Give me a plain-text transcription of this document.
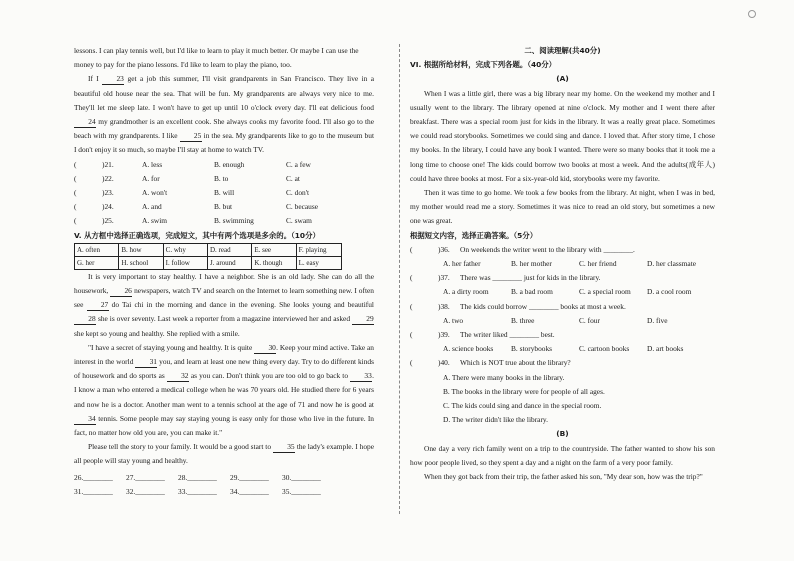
lessons. I can play tennis well, but I'd like to learn to play it much better. Or maybe I can use the

money to pay for the piano lessons. I'd like to learn to play the piano, too.

If I 23 get a job this summer, I'll visit grandparents in San Francisco. They live in a beautiful old house near the sea. That will be fun. My grandparents are always very nice to me. They'll let me sleep late. I won't have to get up until 10 o'clock every day. I'll eat delicious food 24 my grandmother is an excellent cook. She always cooks my favorite food. I'll also go to the beach with my grandparents. I like 25 in the sea. My grandparents like to go to the museum but I don't enjoy it so much, so maybe I'll stay at home to watch TV.

(	)21.	A. less	B. enough	C. a few
(	)22.	A. for	B. to	C. at
(	)23.	A. won't	B. will	C. don't
(	)24.	A. and	B. but	C. because
(	)25.	A. swim	B. swimming	C. swam

V. 从方框中选择正确选项，完成短文，其中有两个选项是多余的。（10分）

A. often	B. how	C. why	D. read	E. see	F. playing
G. her	H. school	I. follow	J. around	K. though	L. easy

It is very important to stay healthy. I have a neighbor. She is an old lady. She can do all the housework, 26 newspapers, watch TV and search on the Internet to learn something new. I often see 27 do Tai chi in the morning and dance in the evening. She looks young and beautiful 28 she is over seventy. Last week a reporter from a magazine interviewed her and asked 29 she kept so young and healthy. She replied with a smile.

"I have a secret of staying young and healthy. It is quite 30. Keep your mind active. Take an interest in the world 31 you, and learn at least one new thing every day. Try to do different kinds of housework and do sports as 32 as you can. Don't think you are too old to go back to 33. I know a man who entered a medical college when he was 70 years old. He studied there for 6 years and now he is a doctor. Another man went to a tennis school at the age of 71 and now he is good at 34 tennis. Some people may say staying young is easy only for those who live in the future. In fact, no matter how old you are, you can make it."

Please tell the story to your family. It would be a good start to 35 the lady's example. I hope all people will stay young and healthy.

26.________	27.________	28.________	29.________	30.________
31.________	32.________	33.________	34.________	35.________

二、阅读理解(共40分)

VI. 根据所给材料，完成下列各题。（40分）

(A)

When I was a little girl, there was a big library near my home. On the weekend my mother and I usually went to the library. The library opened at nine o'clock. My mother and I went there after breakfast. There was a special room just for kids in the library. It was a really great place. Sometimes we could read storybooks. Sometimes we could sing and dance. I loved that. After story time, I chose my books. In the library, I could have any book I wanted. There were so many books that it took me a long time to choose one! The kids could borrow two books at most a week. And the adults(成年人) could have three books at most. For a six-year-old kid, storybooks were my favorite.

Then it was time to go home. We took a few books from the library. At night, when I was in bed, my mother would read me a story. Sometimes it was nice to read an old story, but sometimes a new one was great.

根据短文内容，选择正确答案。（5分）

(	)36.	On weekends the writer went to the library with ________.
A. her father	B. her mother	C. her friend	D. her classmate
(	)37.	There was ________ just for kids in the library.
A. a dirty room	B. a bad room	C. a special room	D. a cool room
(	)38.	The kids could borrow ________ books at most a week.
A. two	B. three	C. four	D. five
(	)39.	The writer liked ________ best.
A. science books	B. storybooks	C. cartoon books	D. art books
(	)40.	Which is NOT true about the library?
A. There were many books in the library.
B. The books in the library were for people of all ages.
C. The kids could sing and dance in the special room.
D. The writer didn't like the library.

(B)

One day a very rich family went on a trip to the countryside. The father wanted to show his son how poor people lived, so they spent a day and a night on the farm of a very poor family.

When they got back from their trip, the father asked his son, "My dear son, how was the trip?"
